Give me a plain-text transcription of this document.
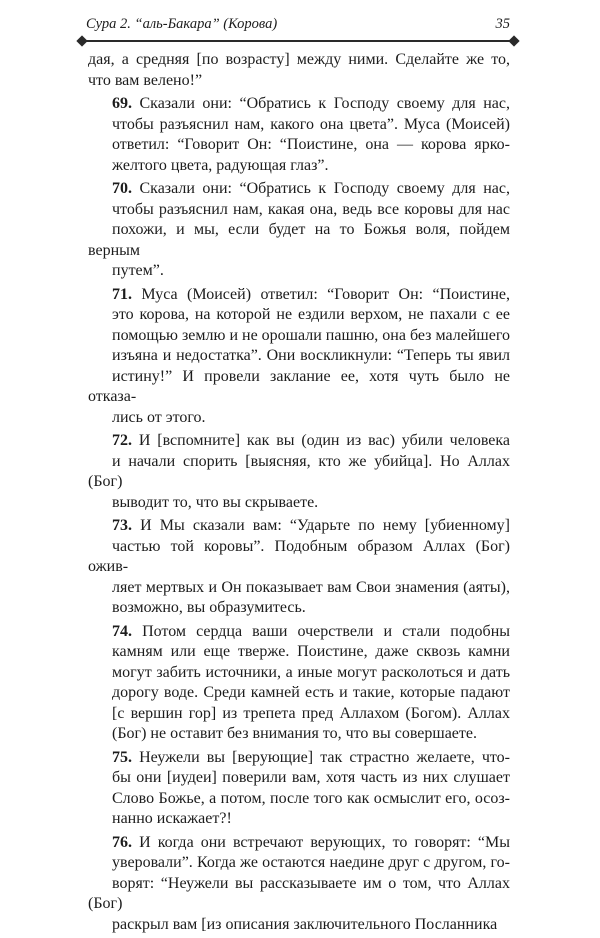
Сура 2. “аль-Бакара” (Корова)	35
дая, а средняя [по возрасту] между ними. Сделайте же то,
что вам велено!”
69. Сказали они: “Обратись к Господу своему для нас,
чтобы разъяснил нам, какого она цвета”. Муса (Моисей)
ответил: “Говорит Он: “Поистине, она — корова ярко-
желтого цвета, радующая глаз”.
70. Сказали они: “Обратись к Господу своему для нас,
чтобы разъяснил нам, какая она, ведь все коровы для нас
похожи, и мы, если будет на то Божья воля, пойдем верным
путем”.
71. Муса (Моисей) ответил: “Говорит Он: “Поистине,
это корова, на которой не ездили верхом, не пахали с ее
помощью землю и не орошали пашню, она без малейшего
изъяна и недостатка”. Они воскликнули: “Теперь ты явил
истину!” И провели заклание ее, хотя чуть было не отказа-
лись от этого.
72. И [вспомните] как вы (один из вас) убили человека
и начали спорить [выясняя, кто же убийца]. Но Аллах (Бог)
выводит то, что вы скрываете.
73. И Мы сказали вам: “Ударьте по нему [убиенному]
частью той коровы”. Подобным образом Аллах (Бог) ожив-
ляет мертвых и Он показывает вам Свои знамения (аяты),
возможно, вы образумитесь.
74. Потом сердца ваши очерствели и стали подобны
камням или еще тверже. Поистине, даже сквозь камни
могут забить источники, а иные могут расколоться и дать
дорогу воде. Среди камней есть и такие, которые падают
[с вершин гор] из трепета пред Аллахом (Богом). Аллах
(Бог) не оставит без внимания то, что вы совершаете.
75. Неужели вы [верующие] так страстно желаете, что-
бы они [иудеи] поверили вам, хотя часть из них слушает
Слово Божье, а потом, после того как осмыслит его, осоз-
нанно искажает?!
76. И когда они встречают верующих, то говорят: “Мы
уверовали”. Когда же остаются наедине друг с другом, го-
ворят: “Неужели вы рассказываете им о том, что Аллах (Бог)
раскрыл вам [из описания заключительного Посланника
